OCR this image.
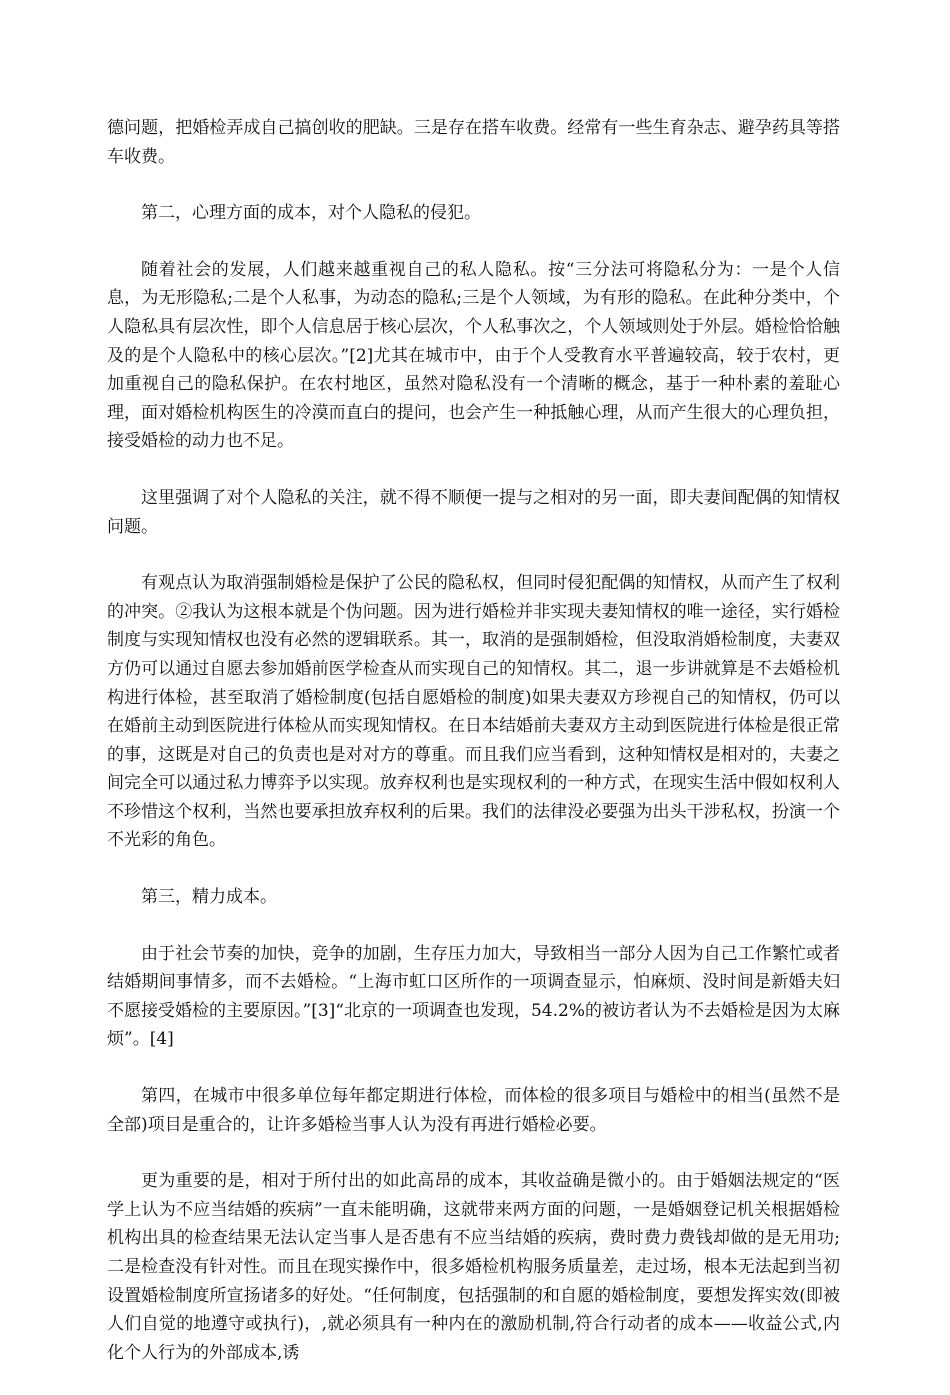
德问题，把婚检弄成自己搞创收的肥缺。三是存在搭车收费。经常有一些生育杂志、避孕药具等搭车收费。

第二，心理方面的成本，对个人隐私的侵犯。

随着社会的发展，人们越来越重视自己的私人隐私。按“三分法可将隐私分为：一是个人信息，为无形隐私;二是个人私事，为动态的隐私;三是个人领域，为有形的隐私。在此种分类中，个人隐私具有层次性，即个人信息居于核心层次，个人私事次之，个人领域则处于外层。婚检恰恰触及的是个人隐私中的核心层次。”[2]尤其在城市中，由于个人受教育水平普遍较高，较于农村，更加重视自己的隐私保护。在农村地区，虽然对隐私没有一个清晰的概念，基于一种朴素的羞耻心理，面对婚检机构医生的冷漠而直白的提问，也会产生一种抵触心理，从而产生很大的心理负担，接受婚检的动力也不足。

这里强调了对个人隐私的关注，就不得不顺便一提与之相对的另一面，即夫妻间配偶的知情权问题。

有观点认为取消强制婚检是保护了公民的隐私权，但同时侵犯配偶的知情权，从而产生了权利的冲突。②我认为这根本就是个伪问题。因为进行婚检并非实现夫妻知情权的唯一途径，实行婚检制度与实现知情权也没有必然的逻辑联系。其一，取消的是强制婚检，但没取消婚检制度，夫妻双方仍可以通过自愿去参加婚前医学检查从而实现自己的知情权。其二，退一步讲就算是不去婚检机构进行体检，甚至取消了婚检制度(包括自愿婚检的制度)如果夫妻双方珍视自己的知情权，仍可以在婚前主动到医院进行体检从而实现知情权。在日本结婚前夫妻双方主动到医院进行体检是很正常的事，这既是对自己的负责也是对对方的尊重。而且我们应当看到，这种知情权是相对的，夫妻之间完全可以通过私力博弈予以实现。放弃权利也是实现权利的一种方式，在现实生活中假如权利人不珍惜这个权利，当然也要承担放弃权利的后果。我们的法律没必要强为出头干涉私权，扮演一个不光彩的角色。

第三，精力成本。

由于社会节奏的加快，竞争的加剧，生存压力加大，导致相当一部分人因为自己工作繁忙或者结婚期间事情多，而不去婚检。“上海市虹口区所作的一项调查显示，怕麻烦、没时间是新婚夫妇不愿接受婚检的主要原因。”[3]“北京的一项调查也发现，54.2%的被访者认为不去婚检是因为太麻烦”。[4]

第四，在城市中很多单位每年都定期进行体检，而体检的很多项目与婚检中的相当(虽然不是全部)项目是重合的，让许多婚检当事人认为没有再进行婚检必要。

更为重要的是，相对于所付出的如此高昂的成本，其收益确是微小的。由于婚姻法规定的“医学上认为不应当结婚的疾病”一直未能明确，这就带来两方面的问题，一是婚姻登记机关根据婚检机构出具的检查结果无法认定当事人是否患有不应当结婚的疾病，费时费力费钱却做的是无用功;二是检查没有针对性。而且在现实操作中，很多婚检机构服务质量差，走过场，根本无法起到当初设置婚检制度所宣扬诸多的好处。“任何制度，包括强制的和自愿的婚检制度，要想发挥实效(即被人们自觉的地遵守或执行)，,就必须具有一种内在的激励机制,符合行动者的成本——收益公式,内化个人行为的外部成本,诱
